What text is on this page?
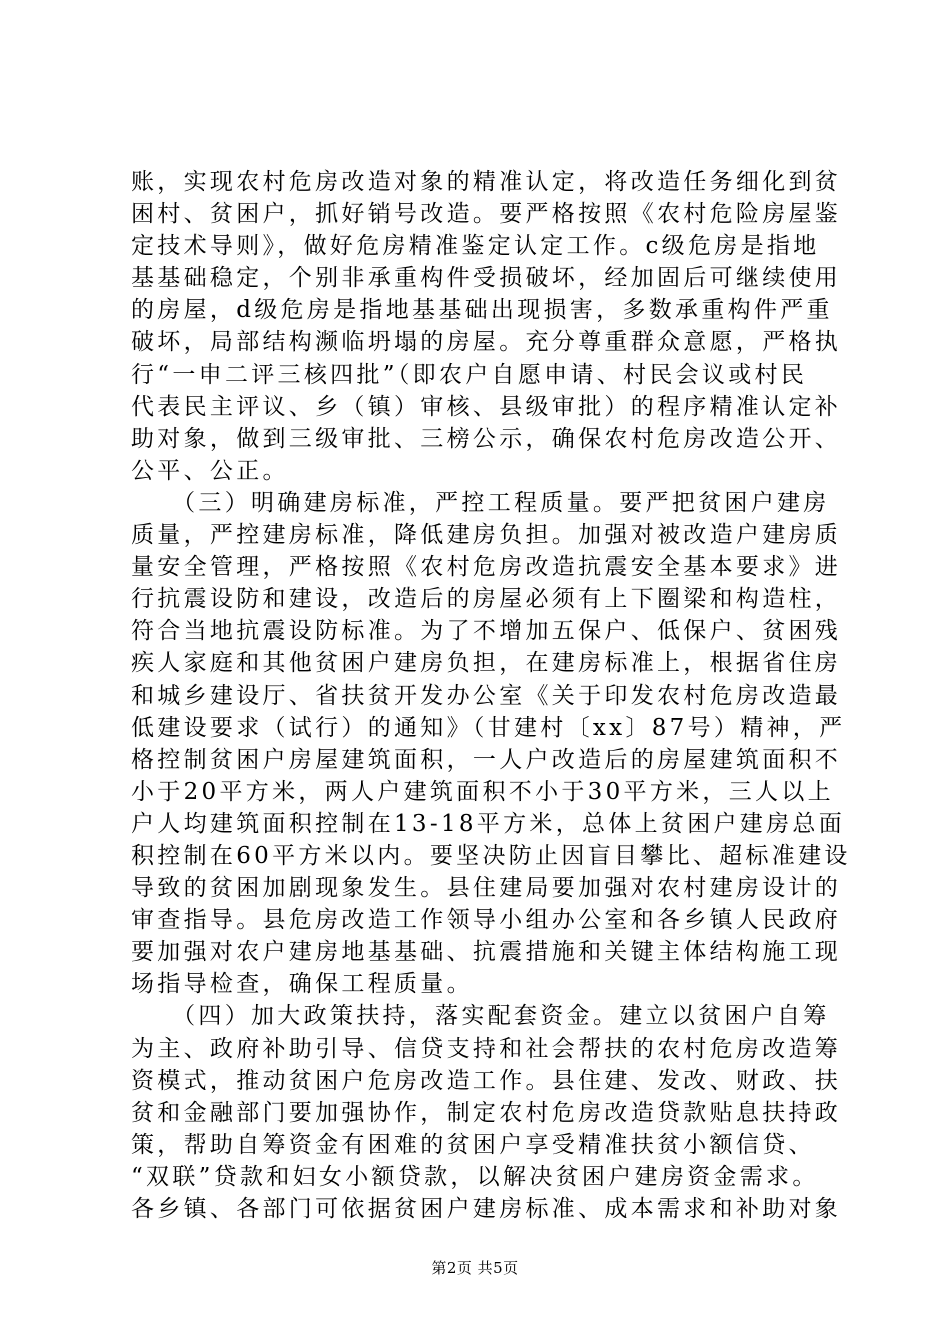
账，实现农村危房改造对象的精准认定，将改造任务细化到贫
困村、贫困户，抓好销号改造。要严格按照《农村危险房屋鉴
定技术导则》，做好危房精准鉴定认定工作。c级危房是指地
基基础稳定，个别非承重构件受损破坏，经加固后可继续使用
的房屋，d级危房是指地基基础出现损害，多数承重构件严重
破坏，局部结构濒临坍塌的房屋。充分尊重群众意愿，严格执
行“一申二评三核四批”（即农户自愿申请、村民会议或村民
代表民主评议、乡（镇）审核、县级审批）的程序精准认定补
助对象，做到三级审批、三榜公示，确保农村危房改造公开、
公平、公正。
　　（三）明确建房标准，严控工程质量。要严把贫困户建房
质量，严控建房标准，降低建房负担。加强对被改造户建房质
量安全管理，严格按照《农村危房改造抗震安全基本要求》进
行抗震设防和建设，改造后的房屋必须有上下圈梁和构造柱，
符合当地抗震设防标准。为了不增加五保户、低保户、贫困残
疾人家庭和其他贫困户建房负担，在建房标准上，根据省住房
和城乡建设厅、省扶贫开发办公室《关于印发农村危房改造最
低建设要求（试行）的通知》（甘建村〔xx〕87号）精神，严
格控制贫困户房屋建筑面积，一人户改造后的房屋建筑面积不
小于20平方米，两人户建筑面积不小于30平方米，三人以上
户人均建筑面积控制在13-18平方米，总体上贫困户建房总面
积控制在60平方米以内。要坚决防止因盲目攀比、超标准建设
导致的贫困加剧现象发生。县住建局要加强对农村建房设计的
审查指导。县危房改造工作领导小组办公室和各乡镇人民政府
要加强对农户建房地基基础、抗震措施和关键主体结构施工现
场指导检查，确保工程质量。
　　（四）加大政策扶持，落实配套资金。建立以贫困户自筹
为主、政府补助引导、信贷支持和社会帮扶的农村危房改造筹
资模式，推动贫困户危房改造工作。县住建、发改、财政、扶
贫和金融部门要加强协作，制定农村危房改造贷款贴息扶持政
策，帮助自筹资金有困难的贫困户享受精准扶贫小额信贷、
“双联”贷款和妇女小额贷款，以解决贫困户建房资金需求。
各乡镇、各部门可依据贫困户建房标准、成本需求和补助对象
第2页 共5页
